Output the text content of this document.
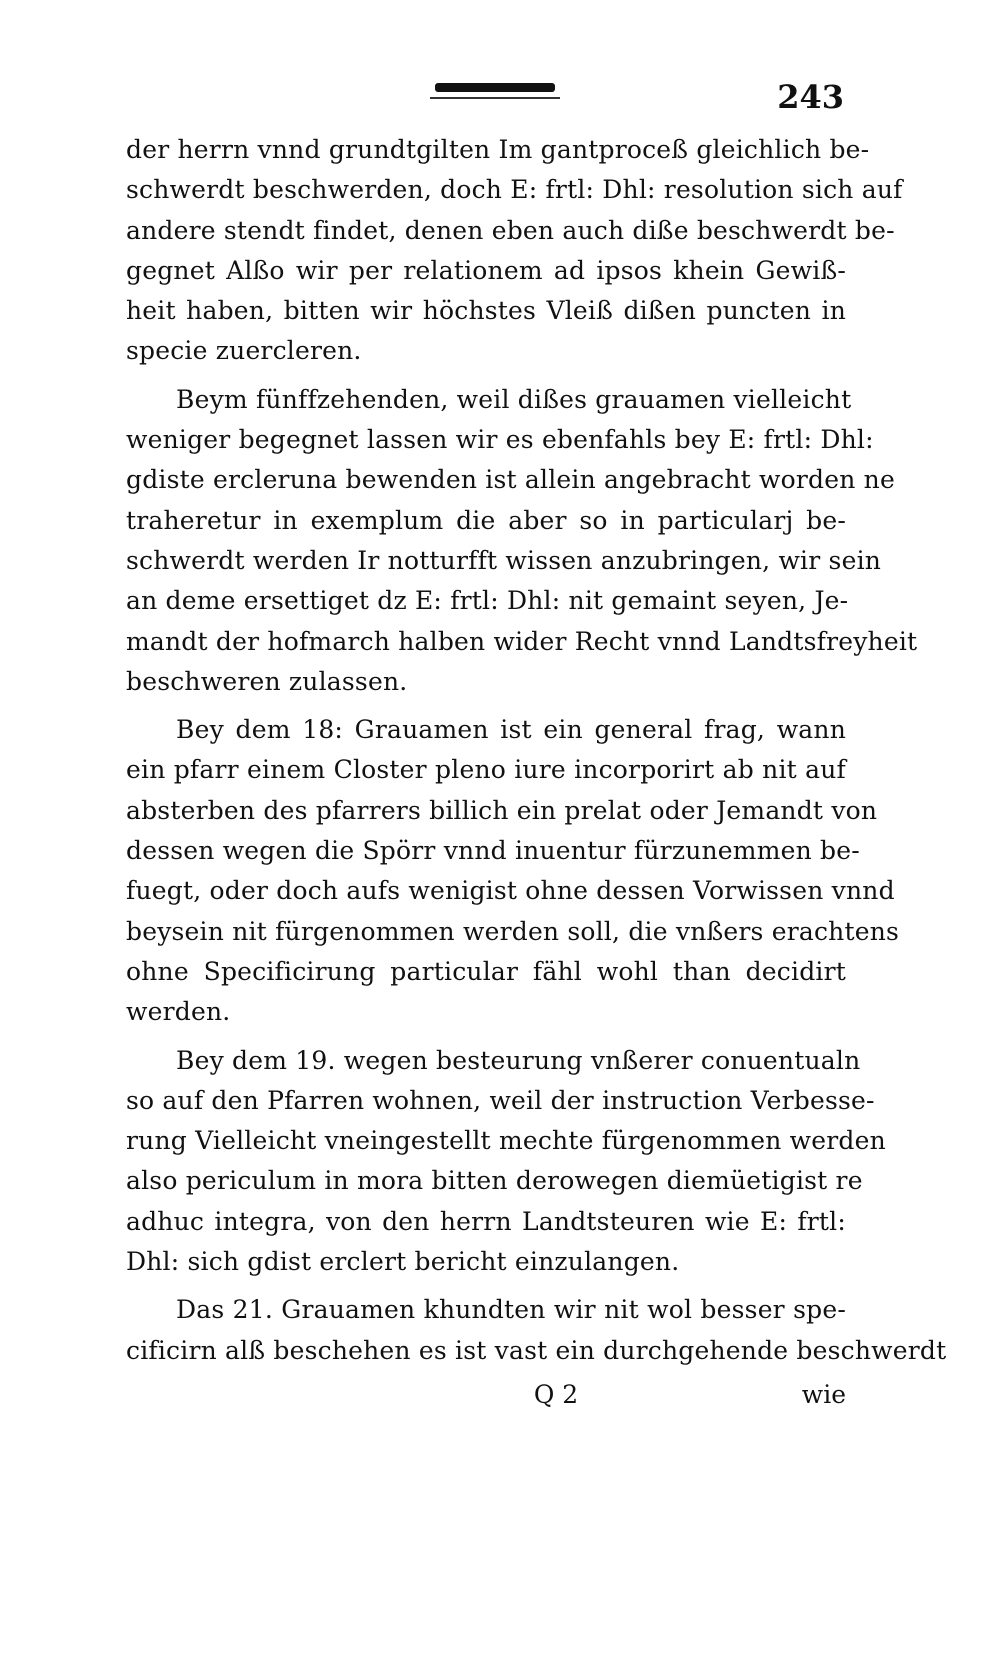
243
der herrn vnnd grundtgilten Im gantproceß gleichlich be-
schwerdt beschwerden, doch E: frtl: Dhl: resolution sich auf
andere stendt findet, denen eben auch diße beschwerdt be-
gegnet Alßo wir per relationem ad ipsos khein Gewiß-
heit haben, bitten wir höchstes Vleiß dißen puncten in
specie zuercleren.
Beym fünffzehenden, weil dißes grauamen vielleicht
weniger begegnet lassen wir es ebenfahls bey E: frtl: Dhl:
gdiste ercleruna bewenden ist allein angebracht worden ne
traheretur in exemplum die aber so in particularj be-
schwerdt werden Ir notturfft wissen anzubringen, wir sein
an deme ersettiget dz E: frtl: Dhl: nit gemaint seyen, Je-
mandt der hofmarch halben wider Recht vnnd Landtsfreyheit
beschweren zulassen.
Bey dem 18: Grauamen ist ein general frag, wann
ein pfarr einem Closter pleno iure incorporirt ab nit auf
absterben des pfarrers billich ein prelat oder Jemandt von
dessen wegen die Spörr vnnd inuentur fürzunemmen be-
fuegt, oder doch aufs wenigist ohne dessen Vorwissen vnnd
beysein nit fürgenommen werden soll, die vnßers erachtens
ohne Specificirung particular fähl wohl than decidirt
werden.
Bey dem 19. wegen besteurung vnßerer conuentualn
so auf den Pfarren wohnen, weil der instruction Verbesse-
rung Vielleicht vneingestellt mechte fürgenommen werden
also periculum in mora bitten derowegen diemüetigist re
adhuc integra, von den herrn Landtsteuren wie E: frtl:
Dhl: sich gdist erclert bericht einzulangen.
Das 21. Grauamen khundten wir nit wol besser spe-
cificirn alß beschehen es ist vast ein durchgehende beschwerdt
Q 2	wie
